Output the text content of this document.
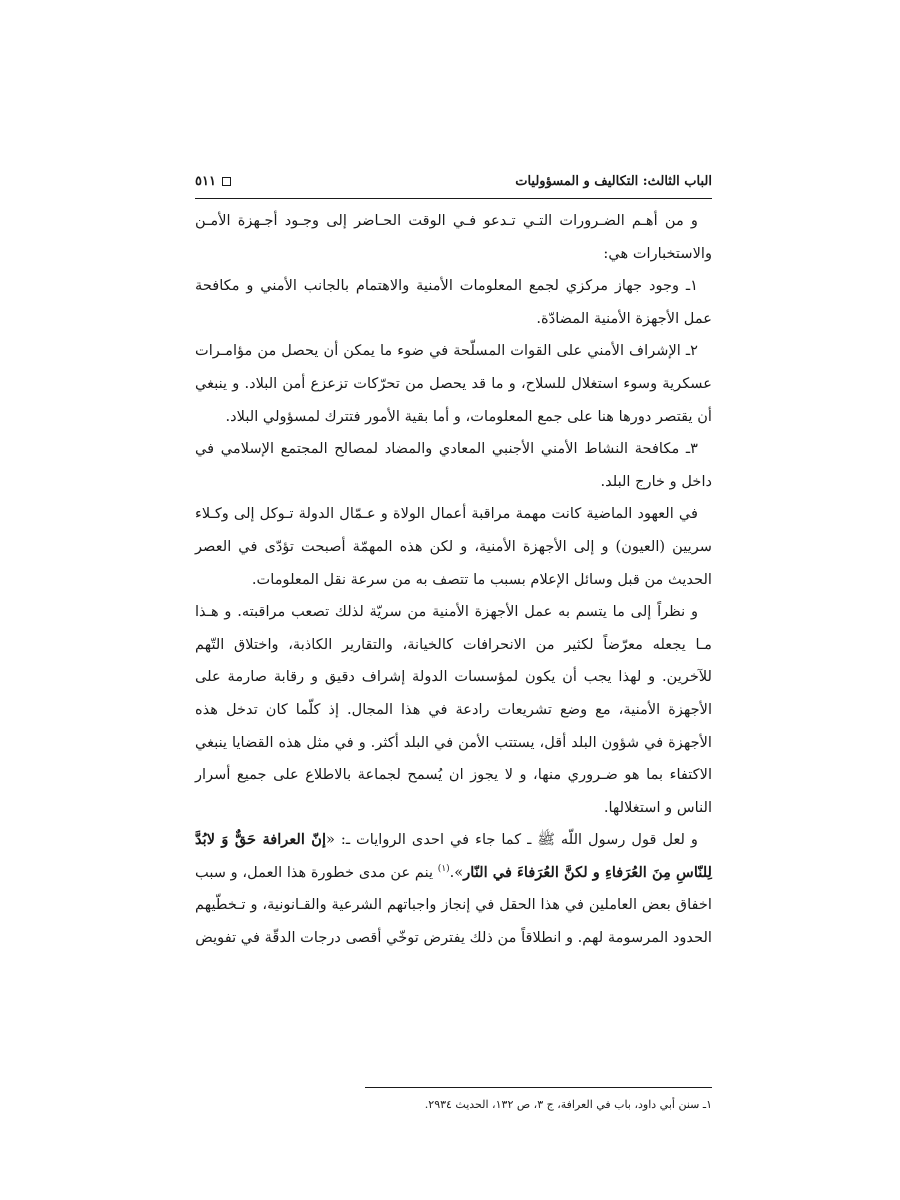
الباب الثالث: التكاليف و المسؤوليات
٥١١

و من أهـم الضـرورات التـي تـدعو فـي الوقت الحـاضر إلى وجـود أجـهزة الأمـن والاستخبارات هي:

١ـ وجود جهاز مركزي لجمع المعلومات الأمنية والاهتمام بالجانب الأمني و مكافحة عمل الأجهزة الأمنية المضادّة.

٢ـ الإشراف الأمني على القوات المسلّحة في ضوء ما يمكن أن يحصل من مؤامـرات عسكرية وسوء استغلال للسلاح، و ما قد يحصل من تحرّكات تزعزع أمن البلاد. و ينبغي أن يقتصر دورها هنا على جمع المعلومات، و أما بقية الأمور فتترك لمسؤولي البلاد.

٣ـ مكافحة النشاط الأمني الأجنبي المعادي والمضاد لمصالح المجتمع الإسلامي في داخل و خارج البلد.

في العهود الماضية كانت مهمة مراقبة أعمال الولاة و عـمّال الدولة تـوكل إلى وكـلاء سريين (العيون) و إلى الأجهزة الأمنية، و لكن هذه المهمّة أصبحت تؤدّى في العصر الحديث من قبل وسائل الإعلام بسبب ما تتصف به من سرعة نقل المعلومات.

و نظراً إلى ما يتسم به عمل الأجهزة الأمنية من سريّة لذلك تصعب مراقبته. و هـذا مـا يجعله معرّضاً لكثير من الانحرافات كالخيانة، والتقارير الكاذبة، واختلاق التّهم للآخرين. و لهذا يجب أن يكون لمؤسسات الدولة إشراف دقيق و رقابة صارمة على الأجهزة الأمنية، مع وضع تشريعات رادعة في هذا المجال. إذ كلّما كان تدخل هذه الأجهزة في شؤون البلد أقل، يستتب الأمن في البلد أكثر. و في مثل هذه القضايا ينبغي الاكتفاء بما هو ضـروري منها، و لا يجوز ان يُسمح لجماعة بالاطلاع على جميع أسرار الناس و استغلالها.

و لعل قول رسول اللّه ﷺ ـ كما جاء في احدى الروايات ـ: «إنّ العرافة حَقٌّ وَ لابُدَّ لِلنّاسِ مِنَ العُرَفاءِ و لكنَّ العُرَفاءَ في النّار».$^{(١)}$ ينم عن مدى خطورة هذا العمل، و سبب اخفاق بعض العاملين في هذا الحقل في إنجاز واجباتهم الشرعية والقـانونية، و تـخطّيهم الحدود المرسومة لهم. و انطلاقاً من ذلك يفترض توخّي أقصى درجات الدقّة في تفويض

١ـ سنن أبي داود، باب في العرافة، ج ٣، ص ١٣٢، الحديث ٢٩٣٤.
